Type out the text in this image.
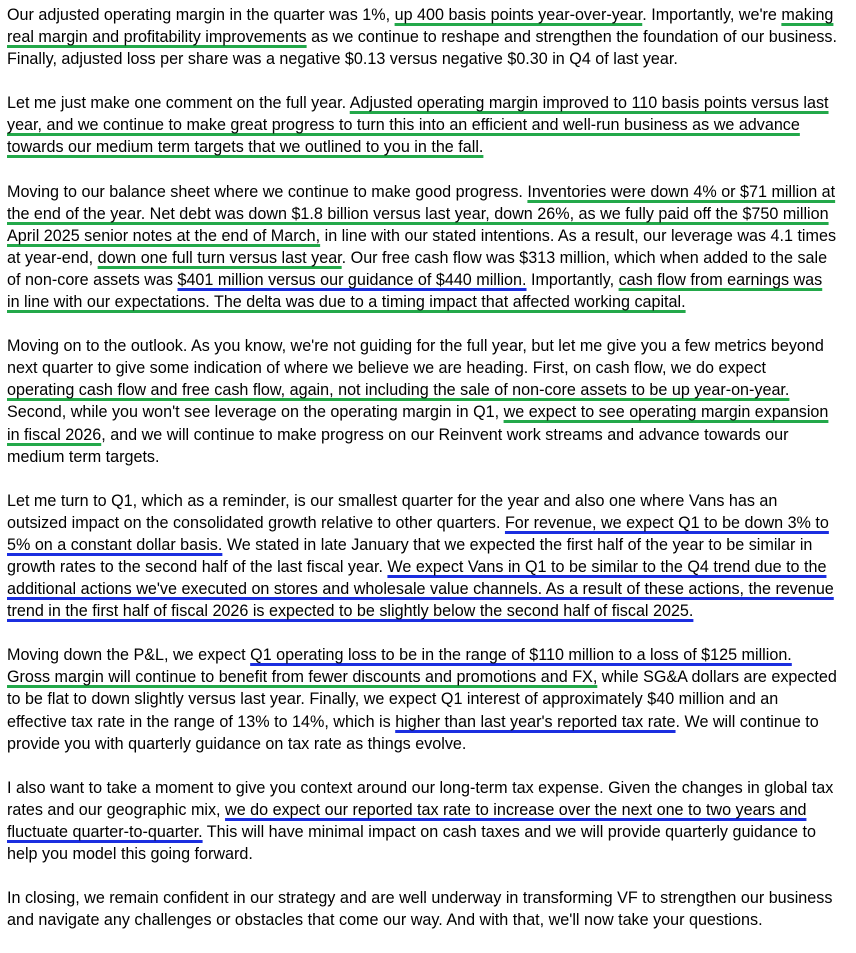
Our adjusted operating margin in the quarter was 1%, up 400 basis points year-over-year. Importantly, we're making real margin and profitability improvements as we continue to reshape and strengthen the foundation of our business. Finally, adjusted loss per share was a negative $0.13 versus negative $0.30 in Q4 of last year.

Let me just make one comment on the full year. Adjusted operating margin improved to 110 basis points versus last year, and we continue to make great progress to turn this into an efficient and well-run business as we advance towards our medium term targets that we outlined to you in the fall.

Moving to our balance sheet where we continue to make good progress. Inventories were down 4% or $71 million at the end of the year. Net debt was down $1.8 billion versus last year, down 26%, as we fully paid off the $750 million April 2025 senior notes at the end of March, in line with our stated intentions. As a result, our leverage was 4.1 times at year-end, down one full turn versus last year. Our free cash flow was $313 million, which when added to the sale of non-core assets was $401 million versus our guidance of $440 million. Importantly, cash flow from earnings was in line with our expectations. The delta was due to a timing impact that affected working capital.

Moving on to the outlook. As you know, we're not guiding for the full year, but let me give you a few metrics beyond next quarter to give some indication of where we believe we are heading. First, on cash flow, we do expect operating cash flow and free cash flow, again, not including the sale of non-core assets to be up year-on-year. Second, while you won't see leverage on the operating margin in Q1, we expect to see operating margin expansion in fiscal 2026, and we will continue to make progress on our Reinvent work streams and advance towards our medium term targets.

Let me turn to Q1, which as a reminder, is our smallest quarter for the year and also one where Vans has an outsized impact on the consolidated growth relative to other quarters. For revenue, we expect Q1 to be down 3% to 5% on a constant dollar basis. We stated in late January that we expected the first half of the year to be similar in growth rates to the second half of the last fiscal year. We expect Vans in Q1 to be similar to the Q4 trend due to the additional actions we've executed on stores and wholesale value channels. As a result of these actions, the revenue trend in the first half of fiscal 2026 is expected to be slightly below the second half of fiscal 2025.

Moving down the P&L, we expect Q1 operating loss to be in the range of $110 million to a loss of $125 million. Gross margin will continue to benefit from fewer discounts and promotions and FX, while SG&A dollars are expected to be flat to down slightly versus last year. Finally, we expect Q1 interest of approximately $40 million and an effective tax rate in the range of 13% to 14%, which is higher than last year's reported tax rate. We will continue to provide you with quarterly guidance on tax rate as things evolve.

I also want to take a moment to give you context around our long-term tax expense. Given the changes in global tax rates and our geographic mix, we do expect our reported tax rate to increase over the next one to two years and fluctuate quarter-to-quarter. This will have minimal impact on cash taxes and we will provide quarterly guidance to help you model this going forward.

In closing, we remain confident in our strategy and are well underway in transforming VF to strengthen our business and navigate any challenges or obstacles that come our way. And with that, we'll now take your questions.
